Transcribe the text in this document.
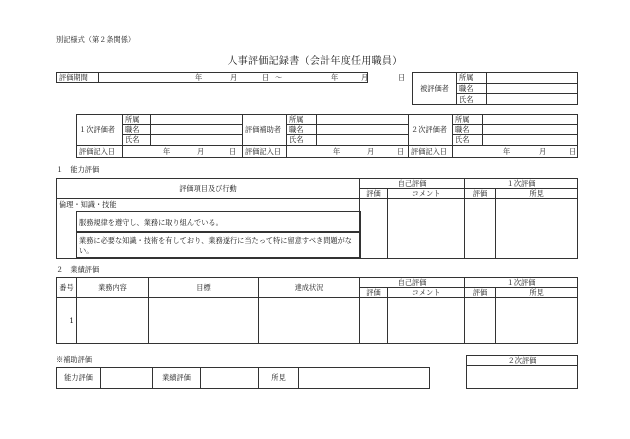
別記様式（第２条関係）
人事評価記録書（会計年度任用職員）
評価期間	年	月	日 〜	年	月	日
被評価者	所属	
	職名	
	氏名	
１次評価者	所属		評価補助者	所属		２次評価者	所属	
	職名			職名			職名	
	氏名			氏名			氏名	
評価記入日	年 月 日		評価記入日	年 月 日		評価記入日	年 月 日	
１　能力評価
評価項目及び行動	自己評価		１次評価	
	評価	コメント	評価	所見

倫理・知識・技能
服務規律を遵守し、業務に取り組んでいる。
業務に必要な知識・技術を有しており、業務遂行に当たって特に留意すべき問題がない。				

２　業績評価
番号	業務内容	目標	達成状況	自己評価		１次評価	
				評価	コメント	評価	所見
1							
※補助評価
能力評価		業績評価		所見	
２次評価
